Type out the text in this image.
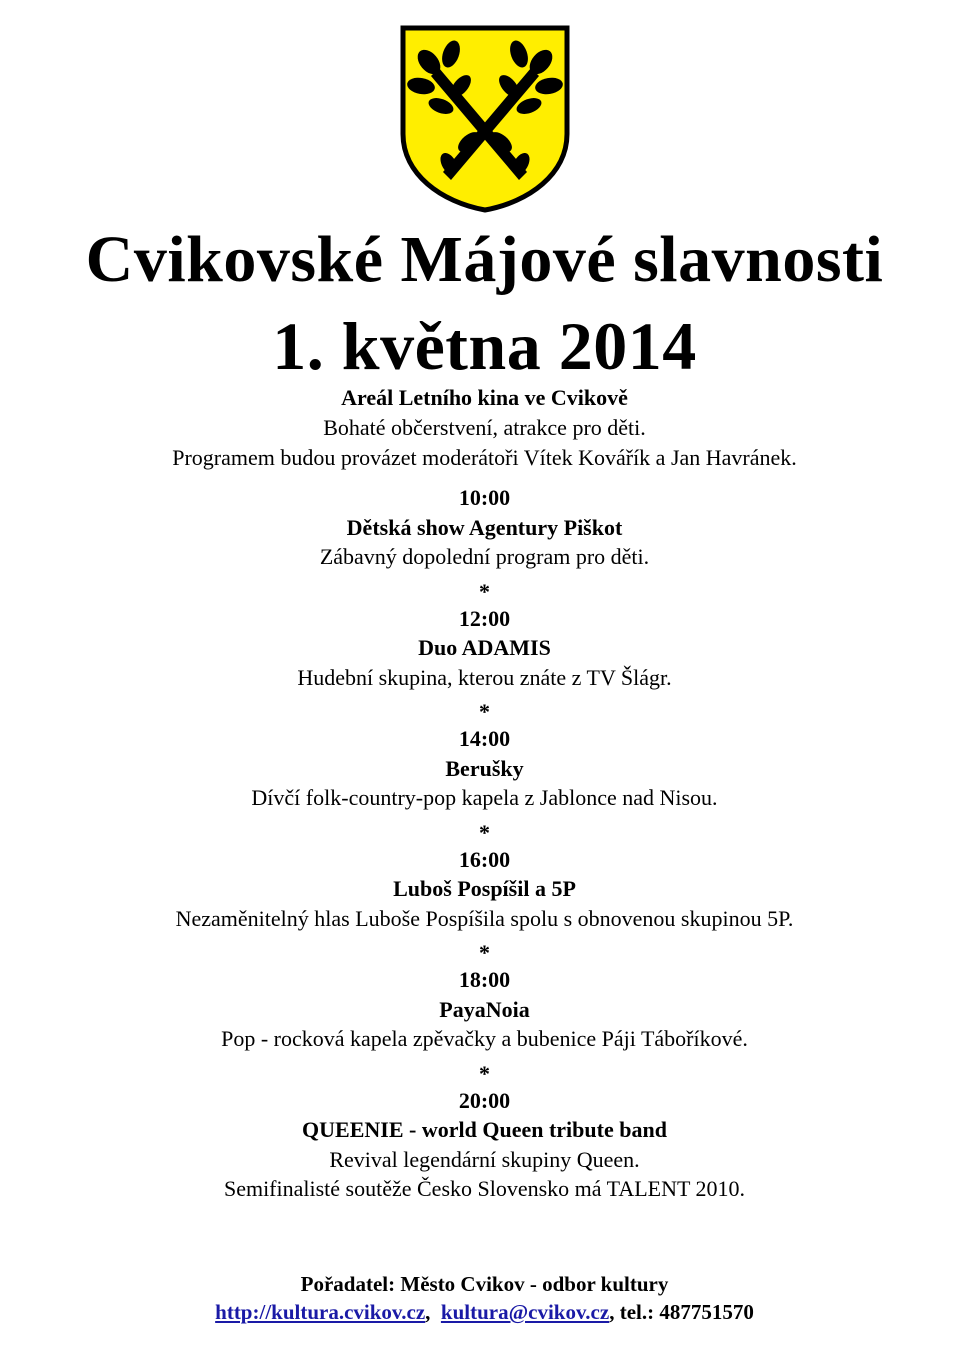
Cvikovské Májové slavnosti
1. května 2014
Areál Letního kina ve Cvikově
Bohaté občerstvení, atrakce pro děti.
Programem budou provázet moderátoři Vítek Kovářík a Jan Havránek.
10:00
Dětská show Agentury Piškot
Zábavný dopolední program pro děti.
*
12:00
Duo ADAMIS
Hudební skupina, kterou znáte z TV Šlágr.
*
14:00
Berušky
Dívčí folk-country-pop kapela z Jablonce nad Nisou.
*
16:00
Luboš Pospíšil a 5P
Nezaměnitelný hlas Luboše Pospíšila spolu s obnovenou skupinou 5P.
*
18:00
PayaNoia
Pop - rocková kapela zpěvačky a bubenice Páji Táboříkové.
*
20:00
QUEENIE - world Queen tribute band
Revival legendární skupiny Queen.
Semifinalisté soutěže Česko Slovensko má TALENT 2010.
Pořadatel: Město Cvikov - odbor kultury
http://kultura.cvikov.cz,  kultura@cvikov.cz, tel.: 487751570
